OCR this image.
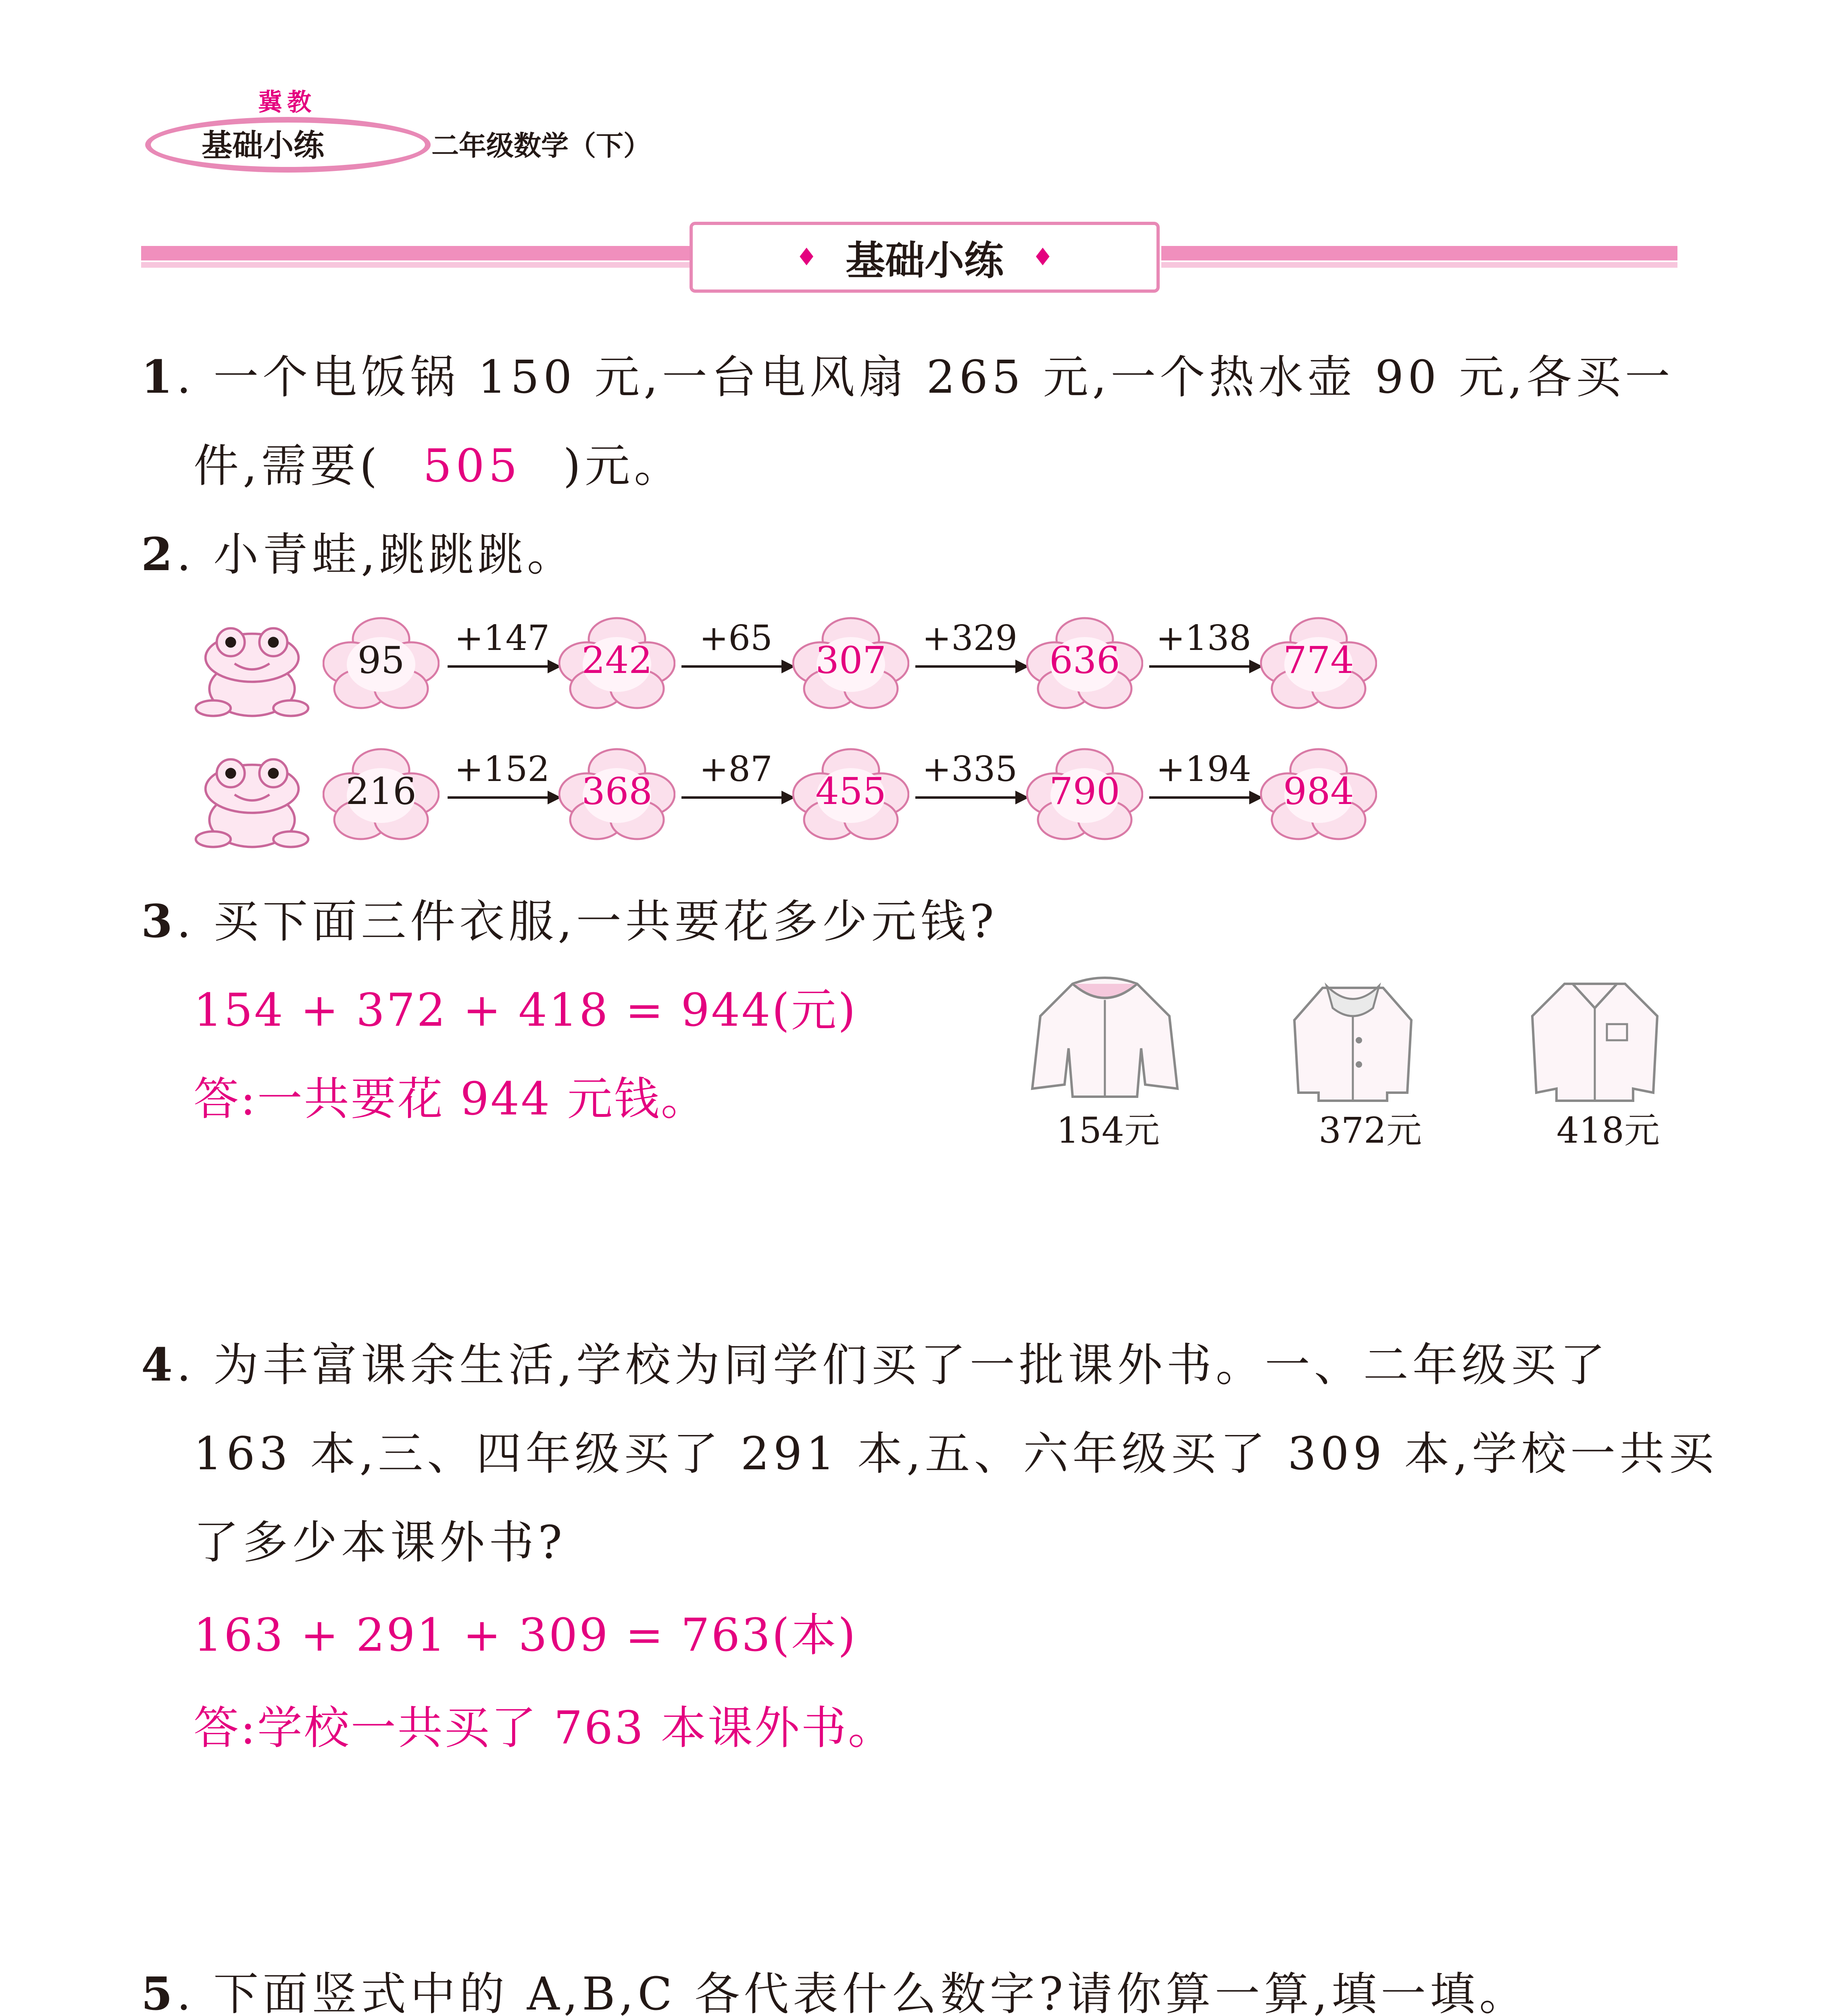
冀教
基础小练	二年级数学（下）
♦ 基础小练 ♦
1. 一个电饭锅 150 元,一台电风扇 265 元,一个热水壶 90 元,各买一
件,需要( 505 )元。
2. 小青蛙,跳跳跳。
95
+147
242
+65
307
+329
636
+138
774
216
+152
368
+87
455
+335
790
+194
984
3. 买下面三件衣服,一共要花多少元钱?
154 + 372 + 418 = 944(元)
答:一共要花 944 元钱。
154元	372元	418元
4. 为丰富课余生活,学校为同学们买了一批课外书。一、二年级买了
163 本,三、四年级买了 291 本,五、六年级买了 309 本,学校一共买
了多少本课外书?
163 + 291 + 309 = 763(本)
答:学校一共买了 763 本课外书。
5. 下面竖式中的 A,B,C 各代表什么数字?请你算一算,填一填。
